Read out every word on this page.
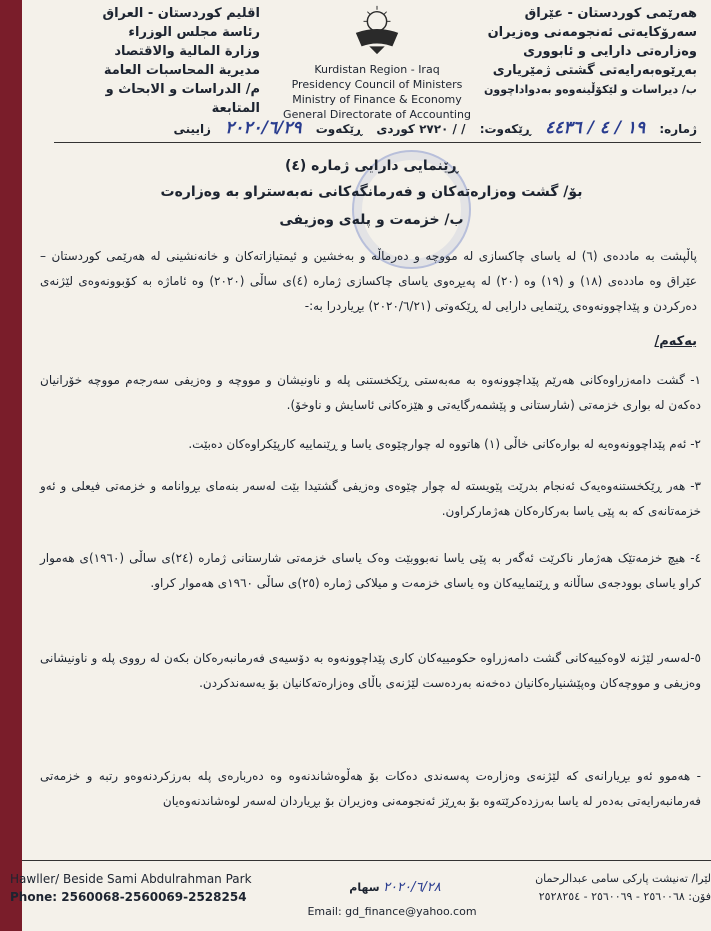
هەرێمی کوردستان - عێراق
سەرۆکایەتی ئەنجومەنی وەزیران
وەزارەتی دارایی و ئابووری
بەڕێوەبەرایەتی گشتی ژمێریاری
ب/ دیراسات و لێکۆڵینەوەو بەدواداچوون
Kurdistan Region - Iraq
Presidency Council of Ministers
Ministry of Finance & Economy
General Directorate of Accounting
اقليم كوردستان - العراق
رئاسة مجلس الوزراء
وزارة المالية والاقتصاد
مديرية المحاسبات العامة
م/ الدراسات و الابحاث و المتابعة
ژمارە: ١٩ / ٤ / ٤٤٣٦ ڕێکەوت: / / ٢٧٢٠ کوردی ڕێکەوت ٢٠٢٠/٦/٢٩ زایینی
ڕێنمایی دارایی ژمارە (٤)
بۆ/ گشت وەزارەتەکان و فەرمانگەکانی نەبەستراو بە وەزارەت
ب/ خزمەت و پلەی وەزیفی
پاڵپشت بە ماددەی (٦) لە یاسای چاکسازی لە مووچە و دەرماڵە و بەخشین و ئیمتیازاتەکان و خانەنشینی لە هەرێمی کوردستان – عێراق وە ماددەی (١٨) و (١٩) وە (٢٠) لە پەیڕەوی یاسای چاکسازی ژمارە (٤)ی ساڵی (٢٠٢٠) وە ئاماژە بە کۆبوونەوەی لێژنەی دەرکردن و پێداچوونەوەی ڕێنمایی دارایی لە ڕێکەوتی (٢٠٢٠/٦/٢١) بڕیاردرا بە:-
یەکەم/
١- گشت دامەزراوەکانی هەرێم پێداچوونەوە بە مەبەستی ڕێکخستنی پلە و ناونیشان و مووچە و وەزیفی سەرجەم مووچە خۆرانیان دەکەن لە بواری خزمەتی (شارستانی و پێشمەرگایەتی و هێزەکانی ئاسایش و ناوخۆ).
٢- ئەم پێداچوونەوەیە لە بوارەکانی خاڵی (١) هاتووە لە چوارچێوەی یاسا و ڕێنماییە کارپێکراوەکان دەبێت.
٣- هەر ڕێکخستنەوەیەک ئەنجام بدرێت پێویستە لە چوار چێوەی وەزیفی گشتیدا بێت لەسەر بنەمای بڕوانامە و خزمەتی فیعلی و ئەو خزمەتانەی کە بە پێی یاسا بەرکارەکان هەژمارکراون.
٤- هیچ خزمەتێک هەژمار ناکرێت ئەگەر بە پێی یاسا نەبووبێت وەک یاسای خزمەتی شارستانی ژمارە (٢٤)ی ساڵی (١٩٦٠)ی هەموار کراو یاسای بوودجەی ساڵانە و ڕێنماییەکان وە یاسای خزمەت و میلاکی ژمارە (٢٥)ی ساڵی ١٩٦٠ی هەموار کراو.
٥-لەسەر لێژنە لاوەکییەکانی گشت دامەزراوە حکومییەکان کاری پێداچوونەوە بە دۆسیەی فەرمانبەرەکان بکەن لە رووی پلە و ناونیشانی وەزیفی و مووچەکان وەپێشنیارەکانیان دەخەنە بەردەست لێژنەی باڵای وەزارەتەکانیان بۆ یەسەندکردن.
- هەموو ئەو بڕیارانەی کە لێژنەی وەزارەت پەسەندی دەکات بۆ هەڵوەشاندنەوە وە دەربارەی پلە بەرزکردنەوەو رتبە و خزمەتی فەرمانبەرایەتی بەدەر لە یاسا بەرزدەکرێتەوە بۆ بەڕێز ئەنجومەنی وەزیران بۆ بڕیاردان لەسەر لوەشاندنەوەیان
Hawller/ Beside Sami Abdulrahman Park
Phone: 2560068-2560069-2528254
٢٠٢٠/٦/٢٨ سهام
Email: gd_finance@yahoo.com
لێرا/ تەنیشت پارکی سامی عبدالرحمان
فۆن: ٢٥٦٠٠٦٨ - ٢٥٦٠٠٦٩ - ٢٥٢٨٢٥٤
